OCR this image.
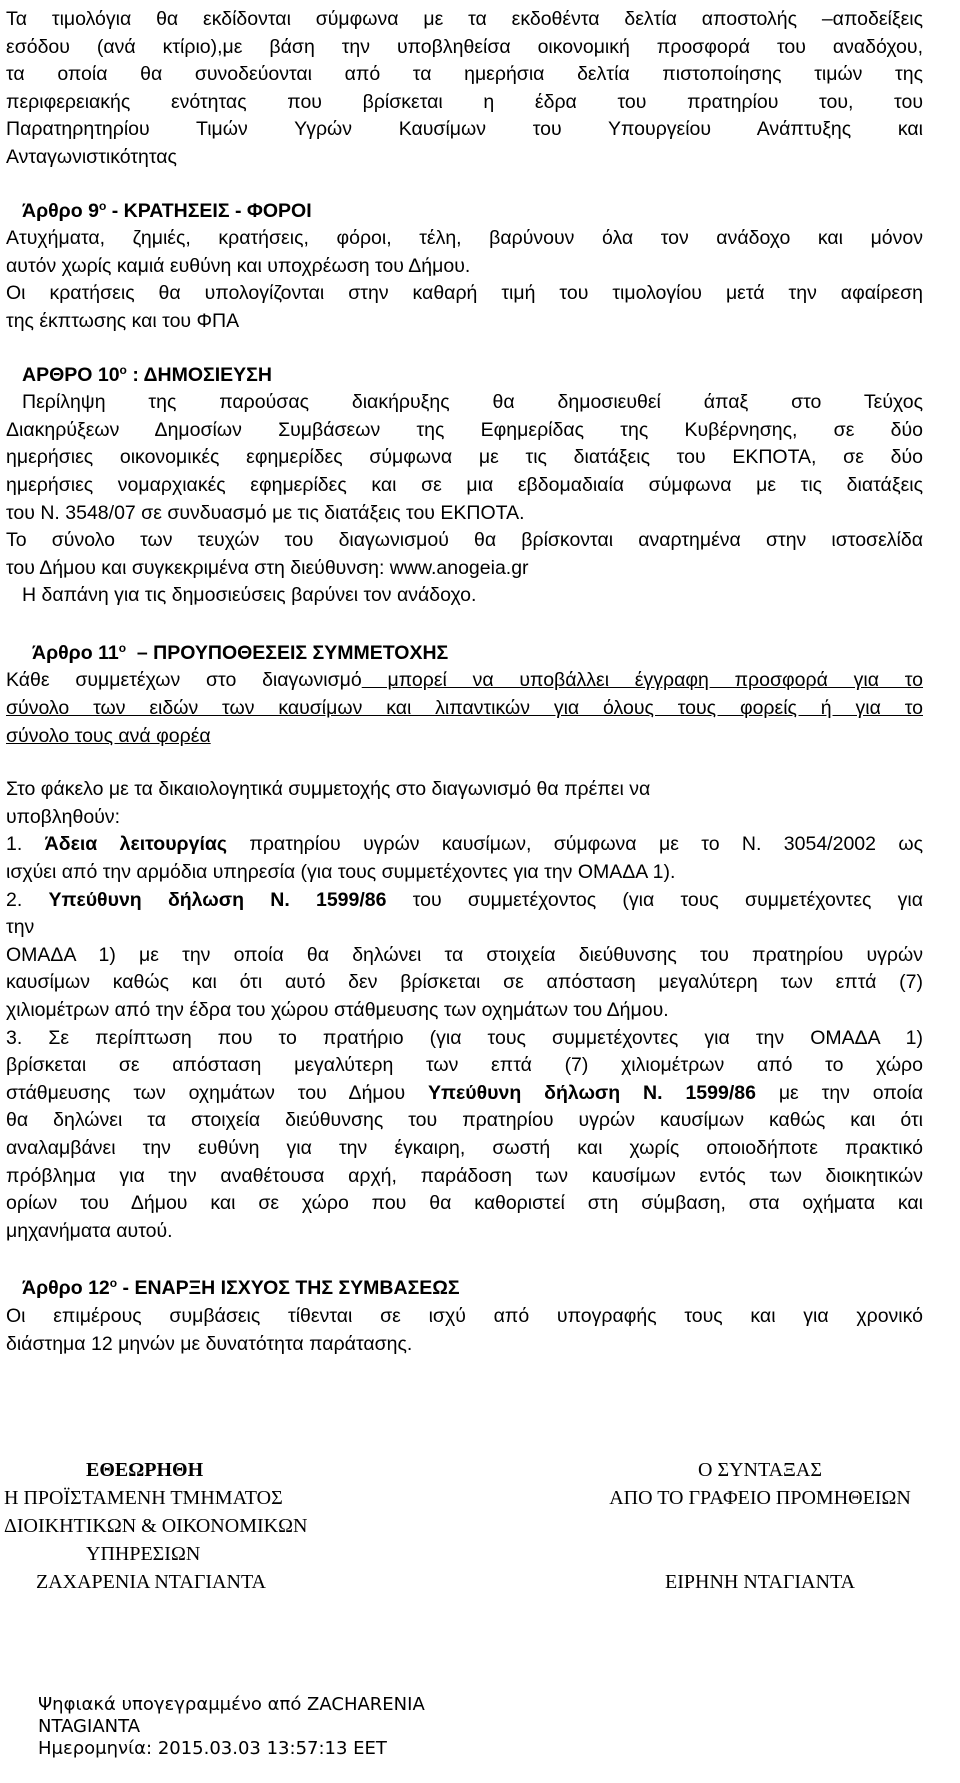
Τα τιμολόγια θα εκδίδονται σύμφωνα με τα εκδοθέντα δελτία αποστολής –αποδείξεις

εσόδου (ανά κτίριο),με βάση την υποβληθείσα οικονομική προσφορά του αναδόχου,

τα οποία θα συνοδεύονται από τα ημερήσια δελτία πιστοποίησης τιμών της

περιφερειακής ενότητας που βρίσκεται η έδρα του πρατηρίου του, του

Παρατηρητηρίου Τιμών Υγρών Καυσίμων του Υπουργείου Ανάπτυξης και

Ανταγωνιστικότητας

Άρθρο $9^o$ - ΚΡΑΤΗΣΕΙΣ - ΦΟΡΟΙ

Ατυχήματα, ζημιές, κρατήσεις, φόροι, τέλη, βαρύνουν όλα τον ανάδοχο και μόνον

αυτόν χωρίς καμιά ευθύνη και υποχρέωση του Δήμου.

Οι κρατήσεις θα υπολογίζονται στην καθαρή τιμή του τιμολογίου μετά την αφαίρεση

της έκπτωσης και του ΦΠΑ

ΑΡΘΡΟ $10^o$ : ΔΗΜΟΣΙΕΥΣΗ

Περίληψη της παρούσας διακήρυξης θα δημοσιευθεί άπαξ στο Τεύχος

Διακηρύξεων Δημοσίων Συμβάσεων της Εφημερίδας της Κυβέρνησης, σε δύο

ημερήσιες οικονομικές εφημερίδες σύμφωνα με τις διατάξεις του ΕΚΠΟΤΑ, σε δύο

ημερήσιες νομαρχιακές εφημερίδες και σε μια εβδομαδιαία σύμφωνα με τις διατάξεις

του Ν. 3548/07 σε συνδυασμό με τις διατάξεις του ΕΚΠΟΤΑ.

Το σύνολο των τευχών του διαγωνισμού θα βρίσκονται αναρτημένα στην ιστοσελίδα

του Δήμου και συγκεκριμένα στη διεύθυνση: www.anogeia.gr

Η δαπάνη για τις δημοσιεύσεις βαρύνει τον ανάδοχο.

Άρθρο $11^o$ – ΠΡΟΥΠΟΘΕΣΕΙΣ ΣΥΜΜΕΤΟΧΗΣ

Κάθε συμμετέχων στο διαγωνισμό μπορεί να υποβάλλει έγγραφη προσφορά για το

σύνολο των ειδών των καυσίμων και λιπαντικών για όλους τους φορείς ή για το

σύνολο τους ανά φορέα

Στο φάκελο με τα δικαιολογητικά συμμετοχής στο διαγωνισμό θα πρέπει να

υποβληθούν:

1. Άδεια λειτουργίας πρατηρίου υγρών καυσίμων, σύμφωνα με το Ν. 3054/2002 ως

ισχύει από την αρμόδια υπηρεσία (για τους συμμετέχοντες για την ΟΜΑΔΑ 1).

2. Υπεύθυνη δήλωση Ν. 1599/86 του συμμετέχοντος (για τους συμμετέχοντες για

την

ΟΜΑΔΑ 1) με την οποία θα δηλώνει τα στοιχεία διεύθυνσης του πρατηρίου υγρών

καυσίμων καθώς και ότι αυτό δεν βρίσκεται σε απόσταση μεγαλύτερη των επτά (7)

χιλιομέτρων από την έδρα του χώρου στάθμευσης των οχημάτων του Δήμου.

3. Σε περίπτωση που το πρατήριο (για τους συμμετέχοντες για την ΟΜΑΔΑ 1)

βρίσκεται σε απόσταση μεγαλύτερη των επτά (7) χιλιομέτρων από το χώρο

στάθμευσης των οχημάτων του Δήμου Υπεύθυνη δήλωση Ν. 1599/86 με την οποία

θα δηλώνει τα στοιχεία διεύθυνσης του πρατηρίου υγρών καυσίμων καθώς και ότι

αναλαμβάνει την ευθύνη για την έγκαιρη, σωστή και χωρίς οποιοδήποτε πρακτικό

πρόβλημα για την αναθέτουσα αρχή, παράδοση των καυσίμων εντός των διοικητικών

ορίων του Δήμου και σε χώρο που θα καθοριστεί στη σύμβαση, στα οχήματα και

μηχανήματα αυτού.

Άρθρο $12^o$ - ΕΝΑΡΞΗ ΙΣΧΥΟΣ ΤΗΣ ΣΥΜΒΑΣΕΩΣ

Οι επιμέρους συμβάσεις τίθενται σε ισχύ από υπογραφής τους και για χρονικό

διάστημα 12 μηνών με δυνατότητα παράτασης.

ΕΘΕΩΡΗΘΗ

Η ΠΡΟΪΣΤΑΜΕΝΗ ΤΜΗΜΑΤΟΣ

ΔΙΟΙΚΗΤΙΚΩΝ & ΟΙΚΟΝΟΜΙΚΩΝ

ΥΠΗΡΕΣΙΩΝ

ΖΑΧΑΡΕΝΙΑ ΝΤΑΓΙΑΝΤΑ

Ο ΣΥΝΤΑΞΑΣ

ΑΠΟ ΤΟ ΓΡΑΦΕΙΟ ΠΡΟΜΗΘΕΙΩΝ

ΕΙΡΗΝΗ ΝΤΑΓΙΑΝΤΑ

Ψηφιακά υπογεγραμμένο από ZACHARENIA

NTAGIANTA

Ημερομηνία: 2015.03.03 13:57:13 EET
